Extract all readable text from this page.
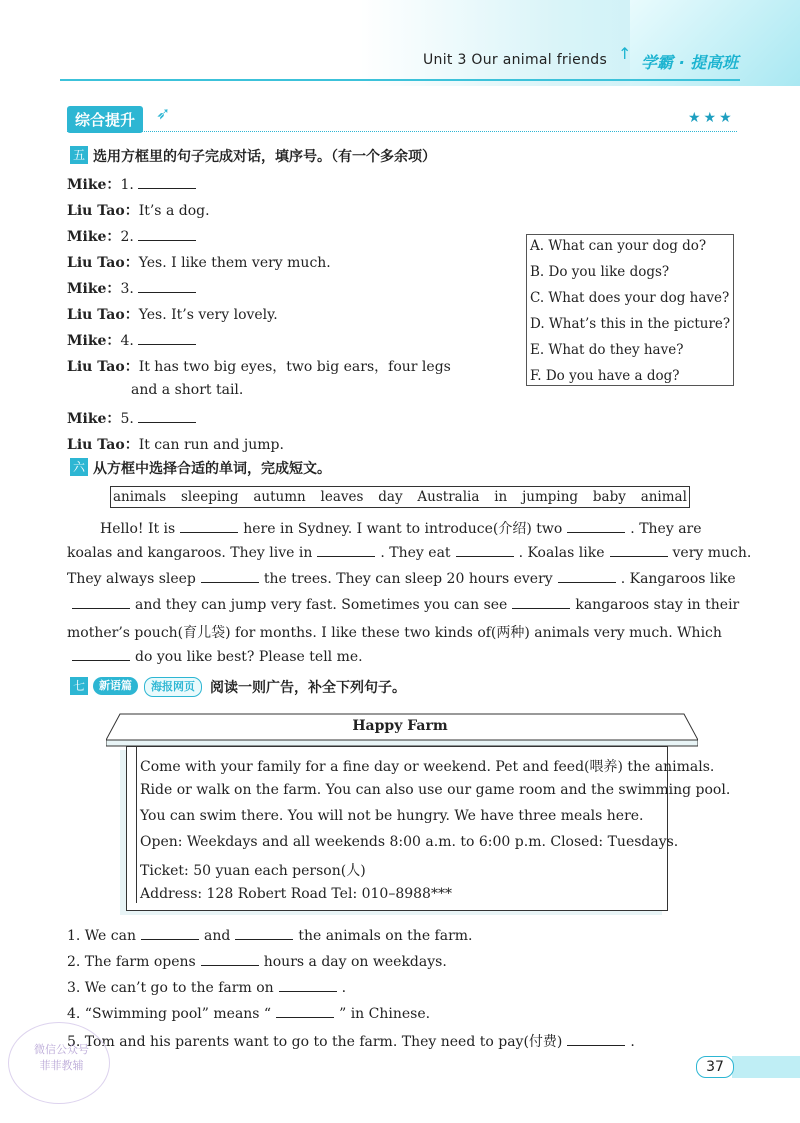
Unit 3 Our animal friends ↑ 学霸 · 提高班
综合提升	➶	★★★
五 选用方框里的句子完成对话，填序号。（有一个多余项）
Mike：1.
Liu Tao：It’s a dog.
Mike：2.
Liu Tao：Yes. I like them very much.
Mike：3.
Liu Tao：Yes. It’s very lovely.
Mike：4.
Liu Tao：It has two big eyes，two big ears，four legs
and a short tail.
Mike：5.
Liu Tao：It can run and jump.
A. What can your dog do?
B. Do you like dogs?
C. What does your dog have?
D. What’s this in the picture?
E. What do they have?
F. Do you have a dog?
六 从方框中选择合适的单词，完成短文。
animals sleeping autumn leaves day Australia in jumping baby animal
Hello! It is	here in Sydney. I want to introduce(介绍) two	. They are
koalas and kangaroos. They live in	. They eat	. Koalas like	very much.
They always sleep	the trees. They can sleep 20 hours every	. Kangaroos like
and they can jump very fast. Sometimes you can see	kangaroos stay in their
mother’s pouch(育儿袋) for months. I like these two kinds of(两种) animals very much. Which
do you like best? Please tell me.
七	新语篇	海报网页	阅读一则广告，补全下列句子。
Happy Farm
Come with your family for a fine day or weekend. Pet and feed(喂养) the animals.
Ride or walk on the farm. You can also use our game room and the swimming pool.
You can swim there. You will not be hungry. We have three meals here.
Open: Weekdays and all weekends 8:00 a.m. to 6:00 p.m. Closed: Tuesdays.
Ticket: 50 yuan each person(人)
Address: 128 Robert Road Tel: 010–8988***
1. We can	and	the animals on the farm.
2. The farm opens	hours a day on weekdays.
3. We can’t go to the farm on	.
4. “Swimming pool” means “	” in Chinese.
5. Tom and his parents want to go to the farm. They need to pay(付费)	.
微信公众号
菲菲教辅	37
